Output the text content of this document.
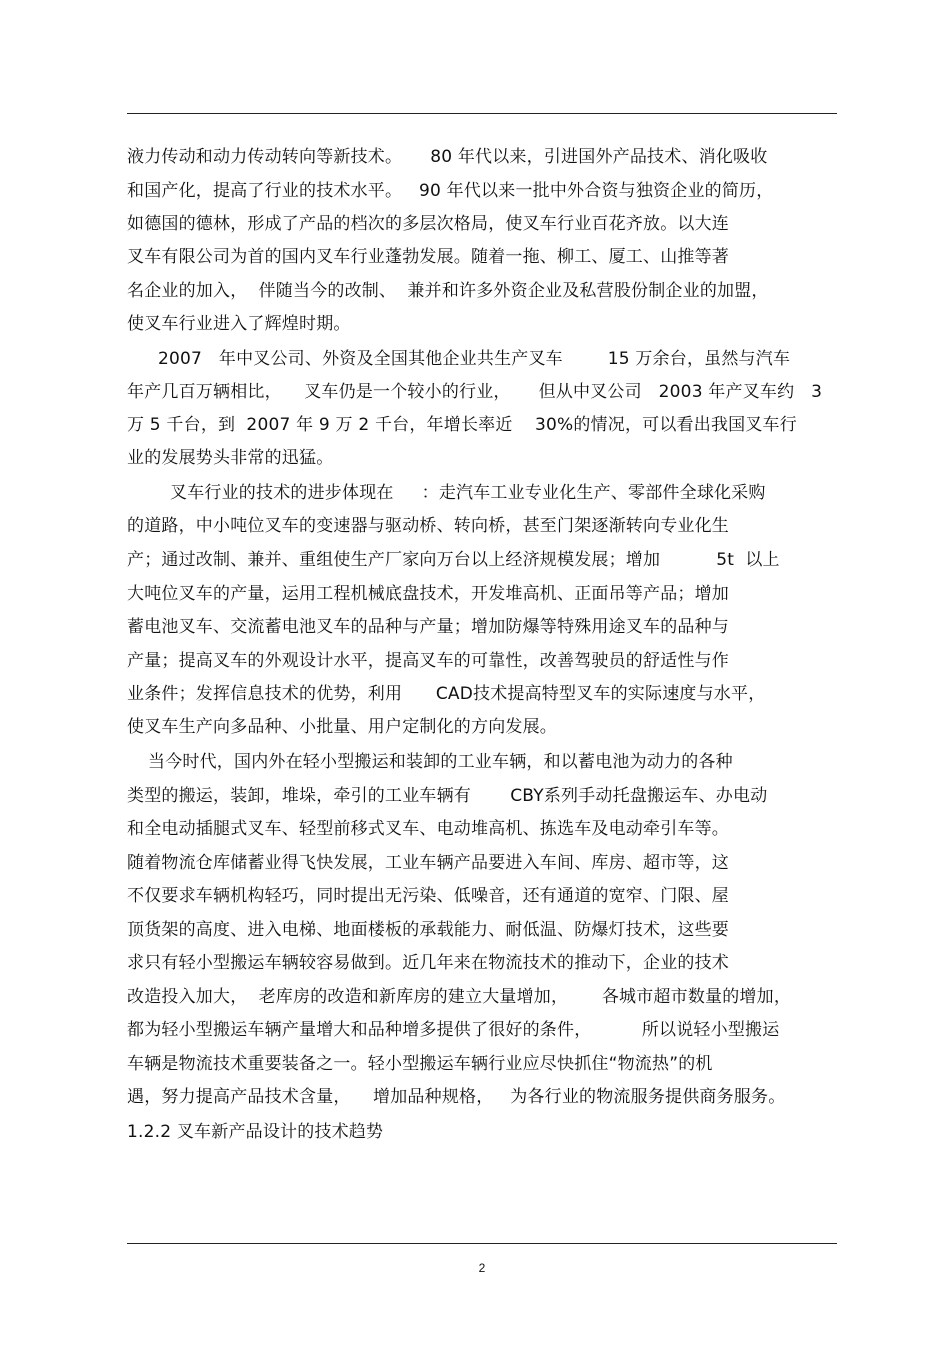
液力传动和动力传动转向等新技术。     80 年代以来，引进国外产品技术、消化吸收
和国产化，提高了行业的技术水平。   90 年代以来一批中外合资与独资企业的简历，
如德国的德林，形成了产品的档次的多层次格局，使叉车行业百花齐放。以大连
叉车有限公司为首的国内叉车行业蓬勃发展。随着一拖、柳工、厦工、山推等著
名企业的加入，  伴随当今的改制、  兼并和许多外资企业及私营股份制企业的加盟，
使叉车行业进入了辉煌时期。
2007   年中叉公司、外资及全国其他企业共生产叉车        15 万余台，虽然与汽车
年产几百万辆相比，    叉车仍是一个较小的行业，     但从中叉公司   2003 年产叉车约   3
万 5 千台，到  2007 年 9 万 2 千台，年增长率近    30%的情况，可以看出我国叉车行
业的发展势头非常的迅猛。
叉车行业的技术的进步体现在     ：走汽车工业专业化生产、零部件全球化采购
的道路，中小吨位叉车的变速器与驱动桥、转向桥，甚至门架逐渐转向专业化生
产；通过改制、兼并、重组使生产厂家向万台以上经济规模发展；增加          5t  以上
大吨位叉车的产量，运用工程机械底盘技术，开发堆高机、正面吊等产品；增加
蓄电池叉车、交流蓄电池叉车的品种与产量；增加防爆等特殊用途叉车的品种与
产量；提高叉车的外观设计水平，提高叉车的可靠性，改善驾驶员的舒适性与作
业条件；发挥信息技术的优势，利用      CAD技术提高特型叉车的实际速度与水平，
使叉车生产向多品种、小批量、用户定制化的方向发展。
当今时代，国内外在轻小型搬运和装卸的工业车辆，和以蓄电池为动力的各种
类型的搬运，装卸，堆垛，牵引的工业车辆有       CBY系列手动托盘搬运车、办电动
和全电动插腿式叉车、轻型前移式叉车、电动堆高机、拣选车及电动牵引车等。
随着物流仓库储蓄业得飞快发展，工业车辆产品要进入车间、库房、超市等，这
不仅要求车辆机构轻巧，同时提出无污染、低噪音，还有通道的宽窄、门限、屋
顶货架的高度、进入电梯、地面楼板的承载能力、耐低温、防爆灯技术，这些要
求只有轻小型搬运车辆较容易做到。近几年来在物流技术的推动下，企业的技术
改造投入加大，  老库房的改造和新库房的建立大量增加，      各城市超市数量的增加，
都为轻小型搬运车辆产量增大和品种增多提供了很好的条件，         所以说轻小型搬运
车辆是物流技术重要装备之一。轻小型搬运车辆行业应尽快抓住“物流热”的机
遇，努力提高产品技术含量，    增加品种规格，   为各行业的物流服务提供商务服务。
1.2.2 叉车新产品设计的技术趋势
2
